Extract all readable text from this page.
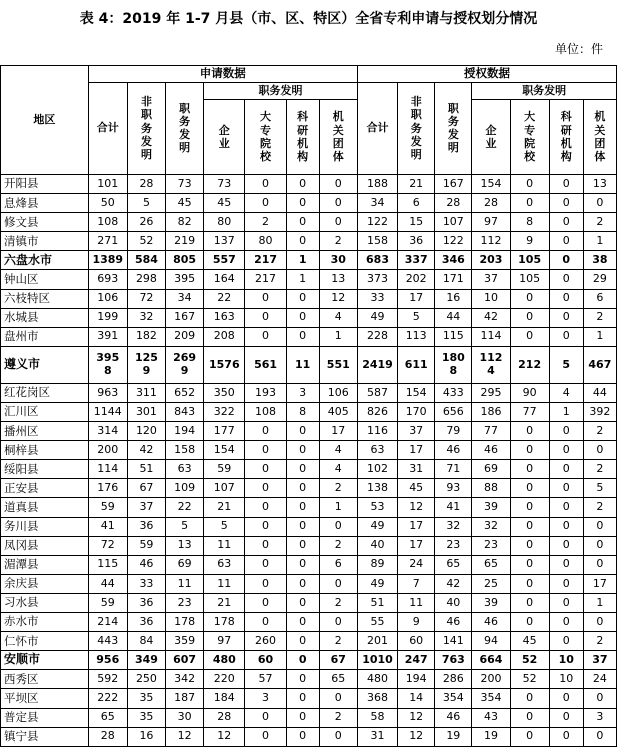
表 4：2019 年 1-7 月县（市、区、特区）全省专利申请与授权划分情况
单位：件
地区	申请数据							授权数据						
	合计	非职务发明	职务发明	职务发明				合计	非职务发明	职务发明	职务发明			
				企业	大专院校	科研机构	机关团体				企业	大专院校	科研机构	机关团体
开阳县	101	28	73	73	0	0	0	188	21	167	154	0	0	13
息烽县	50	5	45	45	0	0	0	34	6	28	28	0	0	0
修文县	108	26	82	80	2	0	0	122	15	107	97	8	0	2
清镇市	271	52	219	137	80	0	2	158	36	122	112	9	0	1
六盘水市	1389	584	805	557	217	1	30	683	337	346	203	105	0	38
钟山区	693	298	395	164	217	1	13	373	202	171	37	105	0	29
六枝特区	106	72	34	22	0	0	12	33	17	16	10	0	0	6
水城县	199	32	167	163	0	0	4	49	5	44	42	0	0	2
盘州市	391	182	209	208	0	0	1	228	113	115	114	0	0	1
遵义市	3958	1259	2699	1576	561	11	551	2419	611	1808	1124	212	5	467
红花岗区	963	311	652	350	193	3	106	587	154	433	295	90	4	44
汇川区	1144	301	843	322	108	8	405	826	170	656	186	77	1	392
播州区	314	120	194	177	0	0	17	116	37	79	77	0	0	2
桐梓县	200	42	158	154	0	0	4	63	17	46	46	0	0	0
绥阳县	114	51	63	59	0	0	4	102	31	71	69	0	0	2
正安县	176	67	109	107	0	0	2	138	45	93	88	0	0	5
道真县	59	37	22	21	0	0	1	53	12	41	39	0	0	2
务川县	41	36	5	5	0	0	0	49	17	32	32	0	0	0
凤冈县	72	59	13	11	0	0	2	40	17	23	23	0	0	0
湄潭县	115	46	69	63	0	0	6	89	24	65	65	0	0	0
余庆县	44	33	11	11	0	0	0	49	7	42	25	0	0	17
习水县	59	36	23	21	0	0	2	51	11	40	39	0	0	1
赤水市	214	36	178	178	0	0	0	55	9	46	46	0	0	0
仁怀市	443	84	359	97	260	0	2	201	60	141	94	45	0	2
安顺市	956	349	607	480	60	0	67	1010	247	763	664	52	10	37
西秀区	592	250	342	220	57	0	65	480	194	286	200	52	10	24
平坝区	222	35	187	184	3	0	0	368	14	354	354	0	0	0
普定县	65	35	30	28	0	0	2	58	12	46	43	0	0	3
镇宁县	28	16	12	12	0	0	0	31	12	19	19	0	0	0
